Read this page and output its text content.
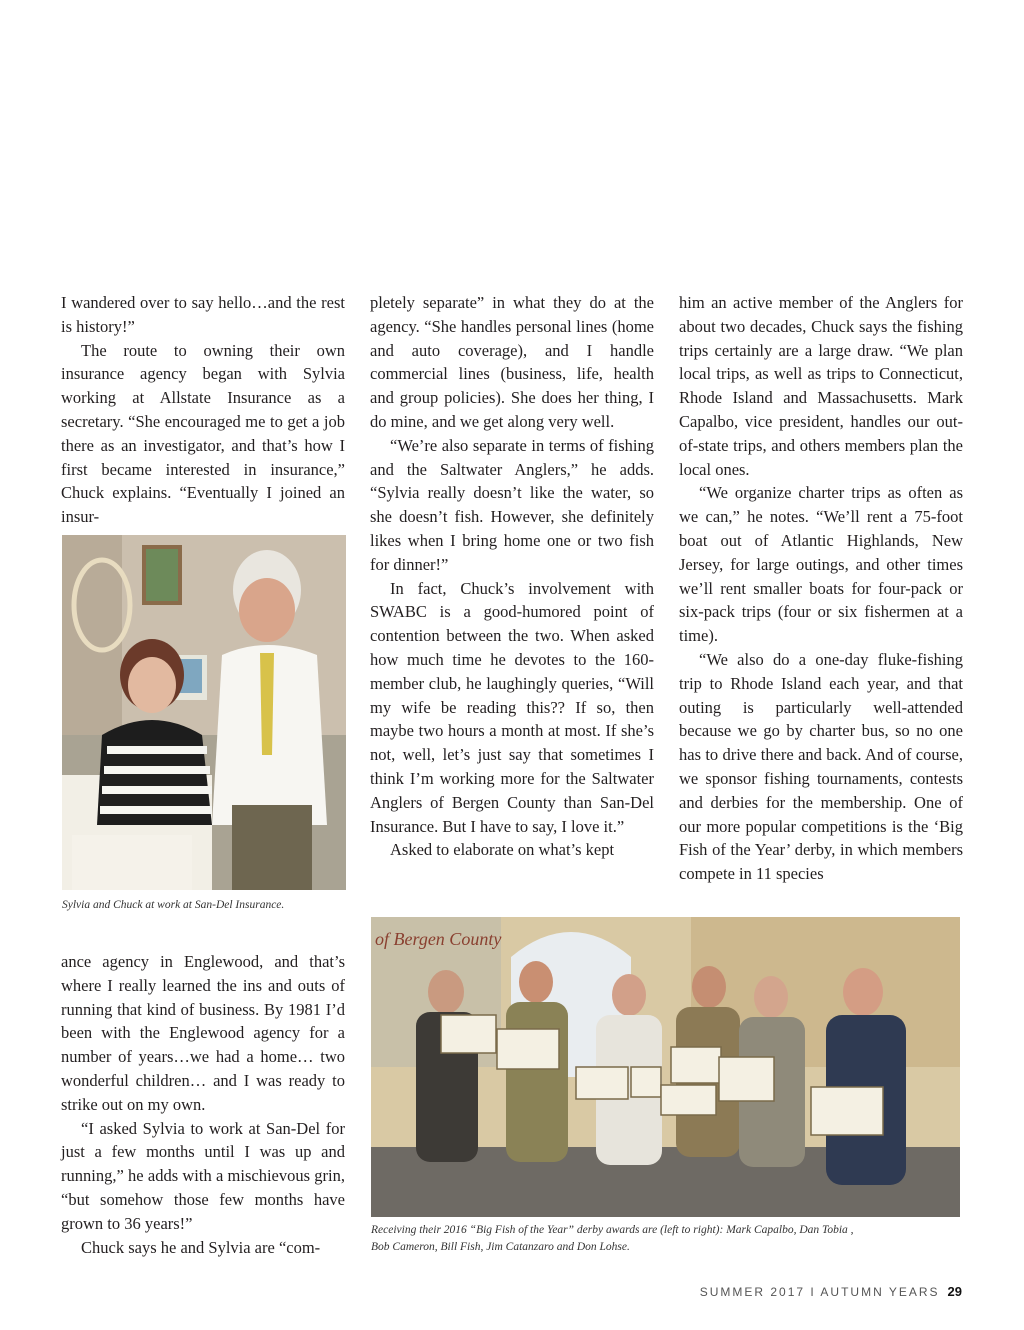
I wandered over to say hello…and the rest is history!”

The route to owning their own insurance agency began with Sylvia working at Allstate Insurance as a secretary. “She encouraged me to get a job there as an investigator, and that’s how I first became interested in insurance,” Chuck explains. “Eventually I joined an insur-

Sylvia and Chuck at work at San-Del Insurance.

ance agency in Englewood, and that’s where I really learned the ins and outs of running that kind of business. By 1981 I’d been with the Englewood agency for a number of years…we had a home… two wonderful children… and I was ready to strike out on my own.

“I asked Sylvia to work at San-Del for just a few months until I was up and running,” he adds with a mischievous grin, “but somehow those few months have grown to 36 years!”

Chuck says he and Sylvia are “com-

pletely separate” in what they do at the agency. “She handles personal lines (home and auto coverage), and I handle commercial lines (business, life, health and group policies). She does her thing, I do mine, and we get along very well.

“We’re also separate in terms of fishing and the Saltwater Anglers,” he adds. “Sylvia really doesn’t like the water, so she doesn’t fish. However, she definitely likes when I bring home one or two fish for dinner!”

In fact, Chuck’s involvement with SWABC is a good-humored point of contention between the two. When asked how much time he devotes to the 160-member club, he laughingly queries, “Will my wife be reading this?? If so, then maybe two hours a month at most. If she’s not, well, let’s just say that sometimes I think I’m working more for the Saltwater Anglers of Bergen County than San-Del Insurance. But I have to say, I love it.”

Asked to elaborate on what’s kept

him an active member of the Anglers for about two decades, Chuck says the fishing trips certainly are a large draw. “We plan local trips, as well as trips to Connecticut, Rhode Island and Massachusetts. Mark Capalbo, vice president, handles our out-of-state trips, and others members plan the local ones.

“We organize charter trips as often as we can,” he notes. “We’ll rent a 75-foot boat out of Atlantic Highlands, New Jersey, for large outings, and other times we’ll rent smaller boats for four-pack or six-pack trips (four or six fishermen at a time).

“We also do a one-day fluke-fishing trip to Rhode Island each year, and that outing is particularly well-attended because we go by charter bus, so no one has to drive there and back. And of course, we sponsor fishing tournaments, contests and derbies for the membership. One of our more popular competitions is the ‘Big Fish of the Year’ derby, in which members compete in 11 species

of Bergen County
Receiving their 2016 “Big Fish of the Year” derby awards are (left to right): Mark Capalbo, Dan Tobia ,
Bob Cameron, Bill Fish, Jim Catanzaro and Don Lohse.
SUMMER 2017 I AUTUMN YEARS 29
